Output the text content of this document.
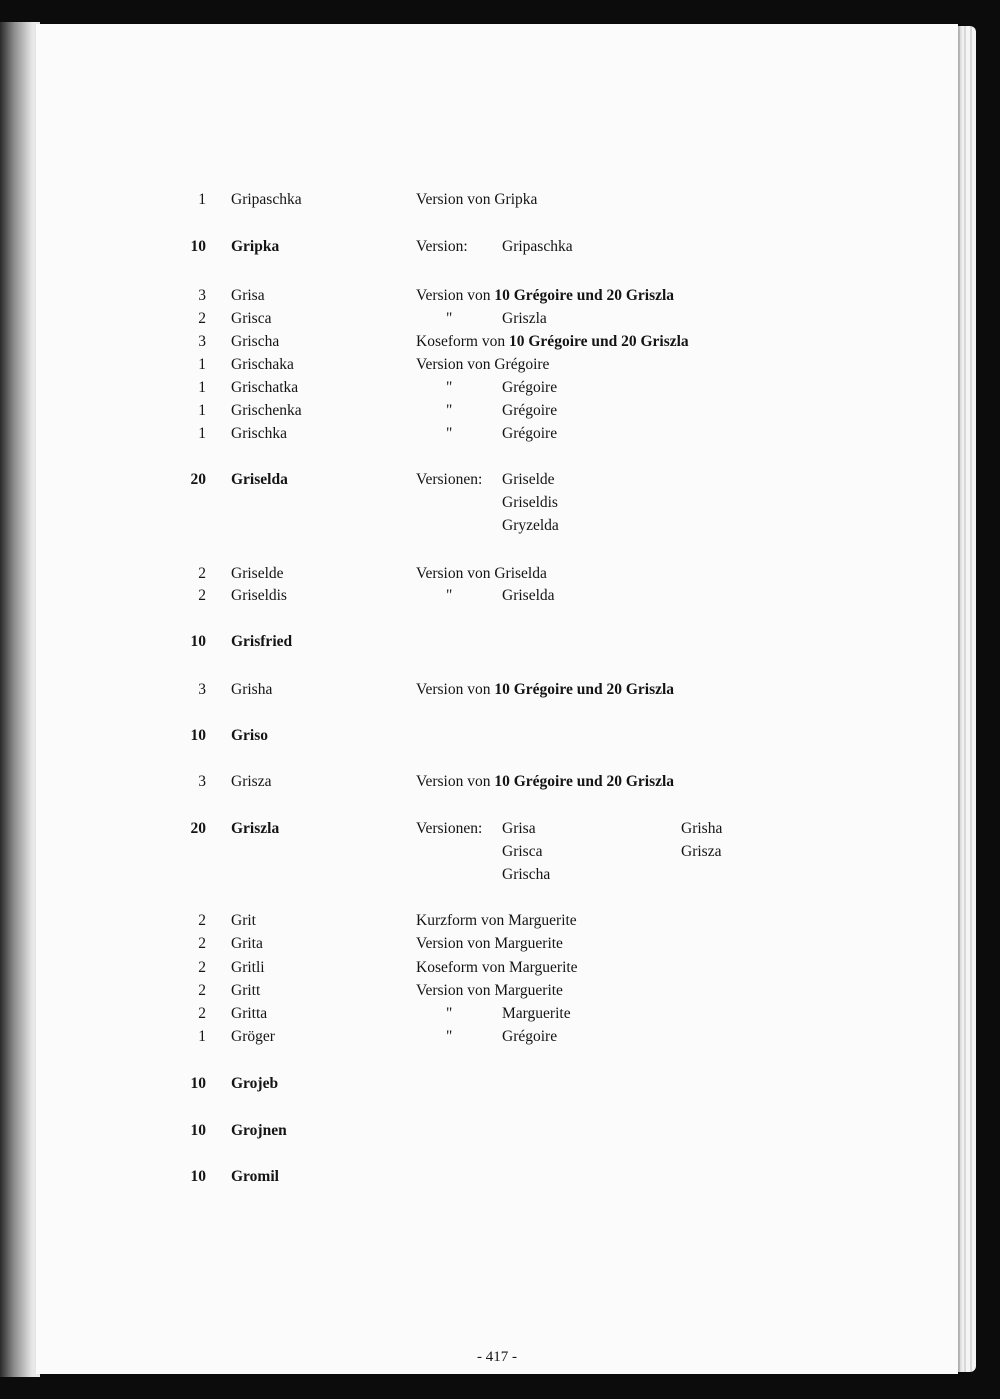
1 Gripaschka	Version von Gripka
10 Gripka	Version: Gripaschka
3 Grisa	Version von 10 Grégoire und 20 Griszla
2 Grisca	"	Griszla
3 Grischa	Koseform von 10 Grégoire und 20 Griszla
1 Grischaka	Version von Grégoire
1 Grischatka	"	Grégoire
1 Grischenka	"	Grégoire
1 Grischka	"	Grégoire
20 Griselda	Versionen: Griselde
Griseldis
Gryzelda
2 Griselde	Version von Griselda
2 Griseldis	"	Griselda
10 Grisfried
3 Grisha	Version von 10 Grégoire und 20 Griszla
10 Griso
3 Grisza	Version von 10 Grégoire und 20 Griszla
20 Griszla	Versionen: Grisa	Grisha
Grisca	Grisza
Grischa
2 Grit	Kurzform von Marguerite
2 Grita	Version von Marguerite
2 Gritli	Koseform von Marguerite
2 Gritt	Version von Marguerite
2 Gritta	"	Marguerite
1 Gröger	"	Grégoire
10 Grojeb
10 Grojnen
10 Gromil
- 417 -
